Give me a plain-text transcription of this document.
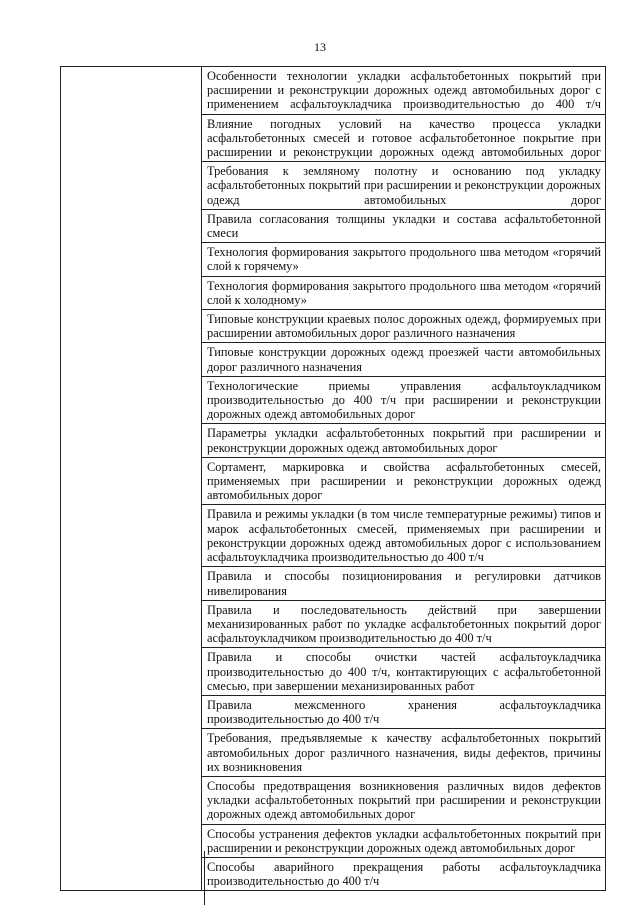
13

Особенности технологии укладки асфальтобетонных покрытий при расширении и реконструкции дорожных одежд автомобильных дорог с применением асфальтоукладчика производительностью до 400 т/ч

Влияние погодных условий на качество процесса укладки асфальтобетонных смесей и готовое асфальтобетонное покрытие при расширении и реконструкции дорожных одежд автомобильных дорог

Требования к земляному полотну и основанию под укладку асфальтобетонных покрытий при расширении и реконструкции дорожных одежд автомобильных дорог

Правила согласования толщины укладки и состава асфальтобетонной смеси

Технология формирования закрытого продольного шва методом «горячий слой к горячему»

Технология формирования закрытого продольного шва методом «горячий слой к холодному»

Типовые конструкции краевых полос дорожных одежд, формируемых при расширении автомобильных дорог различного назначения

Типовые конструкции дорожных одежд проезжей части автомобильных дорог различного назначения

Технологические приемы управления асфальтоукладчиком производительностью до 400 т/ч при расширении и реконструкции дорожных одежд автомобильных дорог

Параметры укладки асфальтобетонных покрытий при расширении и реконструкции дорожных одежд автомобильных дорог

Сортамент, маркировка и свойства асфальтобетонных смесей, применяемых при расширении и реконструкции дорожных одежд автомобильных дорог

Правила и режимы укладки (в том числе температурные режимы) типов и марок асфальтобетонных смесей, применяемых при расширении и реконструкции дорожных одежд автомобильных дорог с использованием асфальтоукладчика производительностью до 400 т/ч

Правила и способы позиционирования и регулировки датчиков нивелирования

Правила и последовательность действий при завершении механизированных работ по укладке асфальтобетонных покрытий дорог асфальтоукладчиком производительностью до 400 т/ч

Правила и способы очистки частей асфальтоукладчика производительностью до 400 т/ч, контактирующих с асфальтобетонной смесью, при завершении механизированных работ

Правила межсменного хранения асфальтоукладчика производительностью до 400 т/ч

Требования, предъявляемые к качеству асфальтобетонных покрытий автомобильных дорог различного назначения, виды дефектов, причины их возникновения

Способы предотвращения возникновения различных видов дефектов укладки асфальтобетонных покрытий при расширении и реконструкции дорожных одежд автомобильных дорог

Способы устранения дефектов укладки асфальтобетонных покрытий при расширении и реконструкции дорожных одежд автомобильных дорог

Способы аварийного прекращения работы асфальтоукладчика производительностью до 400 т/ч
